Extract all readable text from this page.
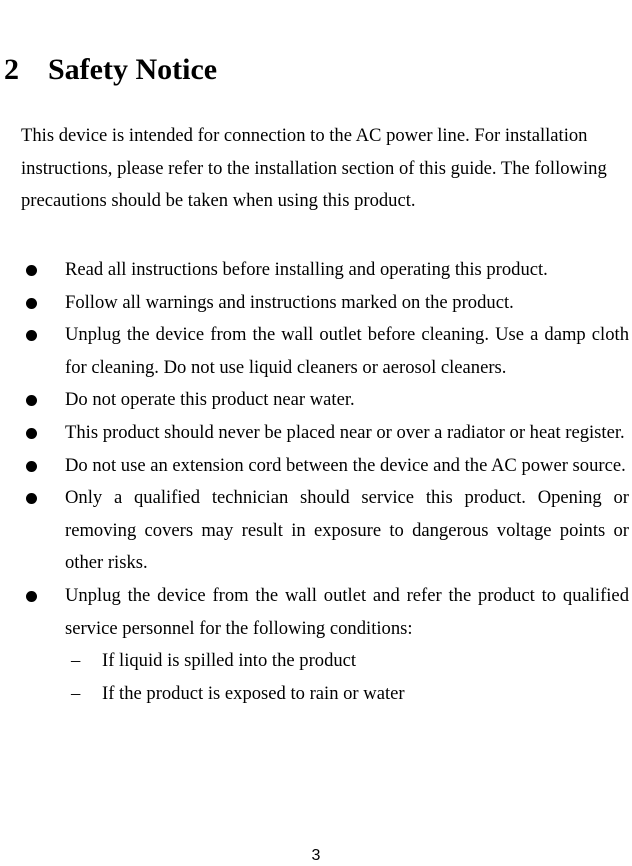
2 Safety Notice

This device is intended for connection to the AC power line. For installation instructions, please refer to the installation section of this guide. The following precautions should be taken when using this product.

Read all instructions before installing and operating this product.
Follow all warnings and instructions marked on the product.
Unplug the device from the wall outlet before cleaning. Use a damp cloth for cleaning. Do not use liquid cleaners or aerosol cleaners.
Do not operate this product near water.
This product should never be placed near or over a radiator or heat register.
Do not use an extension cord between the device and the AC power source.
Only a qualified technician should service this product. Opening or removing covers may result in exposure to dangerous voltage points or other risks.
Unplug the device from the wall outlet and refer the product to qualified service personnel for the following conditions:
– If liquid is spilled into the product
– If the product is exposed to rain or water
3
